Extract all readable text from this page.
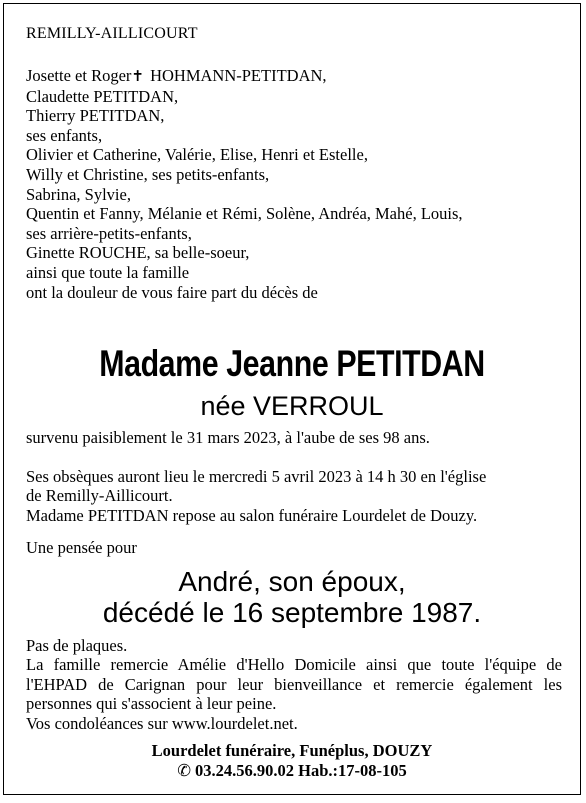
REMILLY-AILLICOURT
Josette et Roger✝ HOHMANN-PETITDAN,
Claudette PETITDAN,
Thierry PETITDAN,
ses enfants,
Olivier et Catherine, Valérie, Elise, Henri et Estelle,
Willy et Christine, ses petits-enfants,
Sabrina, Sylvie,
Quentin et Fanny, Mélanie et Rémi, Solène, Andréa, Mahé, Louis,
ses arrière-petits-enfants,
Ginette ROUCHE, sa belle-soeur,
ainsi que toute la famille
ont la douleur de vous faire part du décès de
Madame Jeanne PETITDAN
née VERROUL
survenu paisiblement le 31 mars 2023, à l'aube de ses 98 ans.
Ses obsèques auront lieu le mercredi 5 avril 2023 à 14 h 30 en l'église
de Remilly-Aillicourt.
Madame PETITDAN repose au salon funéraire Lourdelet de Douzy.
Une pensée pour
André, son époux,
décédé le 16 septembre 1987.
Pas de plaques.
La famille remercie Amélie d'Hello Domicile ainsi que toute l'équipe de l'EHPAD de Carignan pour leur bienveillance et remercie également les personnes qui s'associent à leur peine.
Vos condoléances sur www.lourdelet.net.
Lourdelet funéraire, Funéplus, DOUZY
✆ 03.24.56.90.02 Hab.:17-08-105
